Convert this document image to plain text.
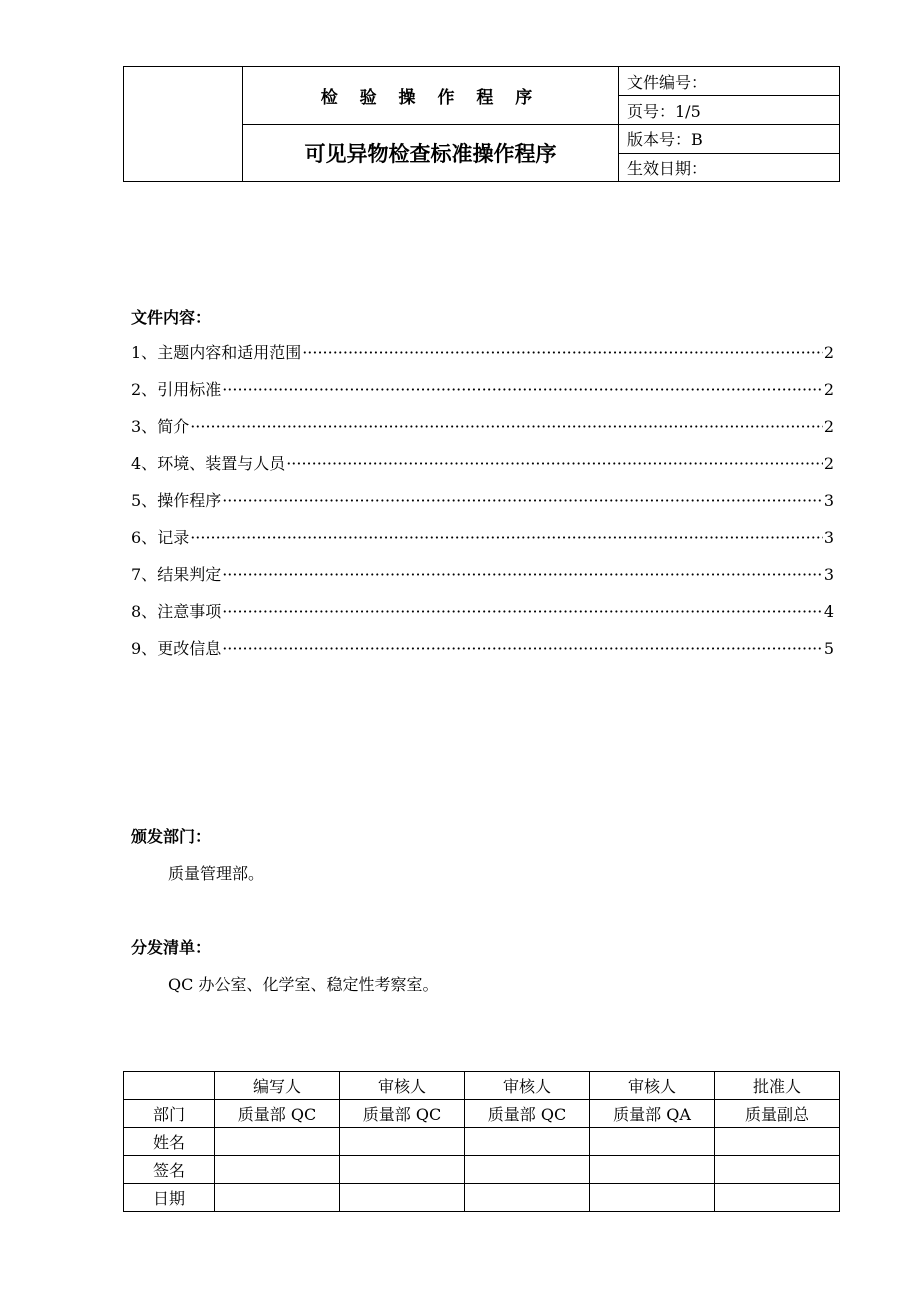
	检 验 操 作 程 序	文件编号：
		页号：1/5
	可见异物检查标准操作程序	版本号：B
		生效日期：
文件内容：
1、 主题内容和适用范围 ·····	2
2、 引用标准 ·····	2
3、 简介 ·····	2
4、 环境、装置与人员 ·····	2
5、 操作程序 ·····	3
6、 记录 ·····	3
7、 结果判定 ·····	3
8、 注意事项 ·····	4
9、 更改信息 ·····	5
颁发部门：
质量管理部。
分发清单：
QC 办公室、化学室、稳定性考察室。
	编写人	审核人	审核人	审核人	批准人
部门	质量部 QC	质量部 QC	质量部 QC	质量部 QA	质量副总
姓名					
签名					
日期					
